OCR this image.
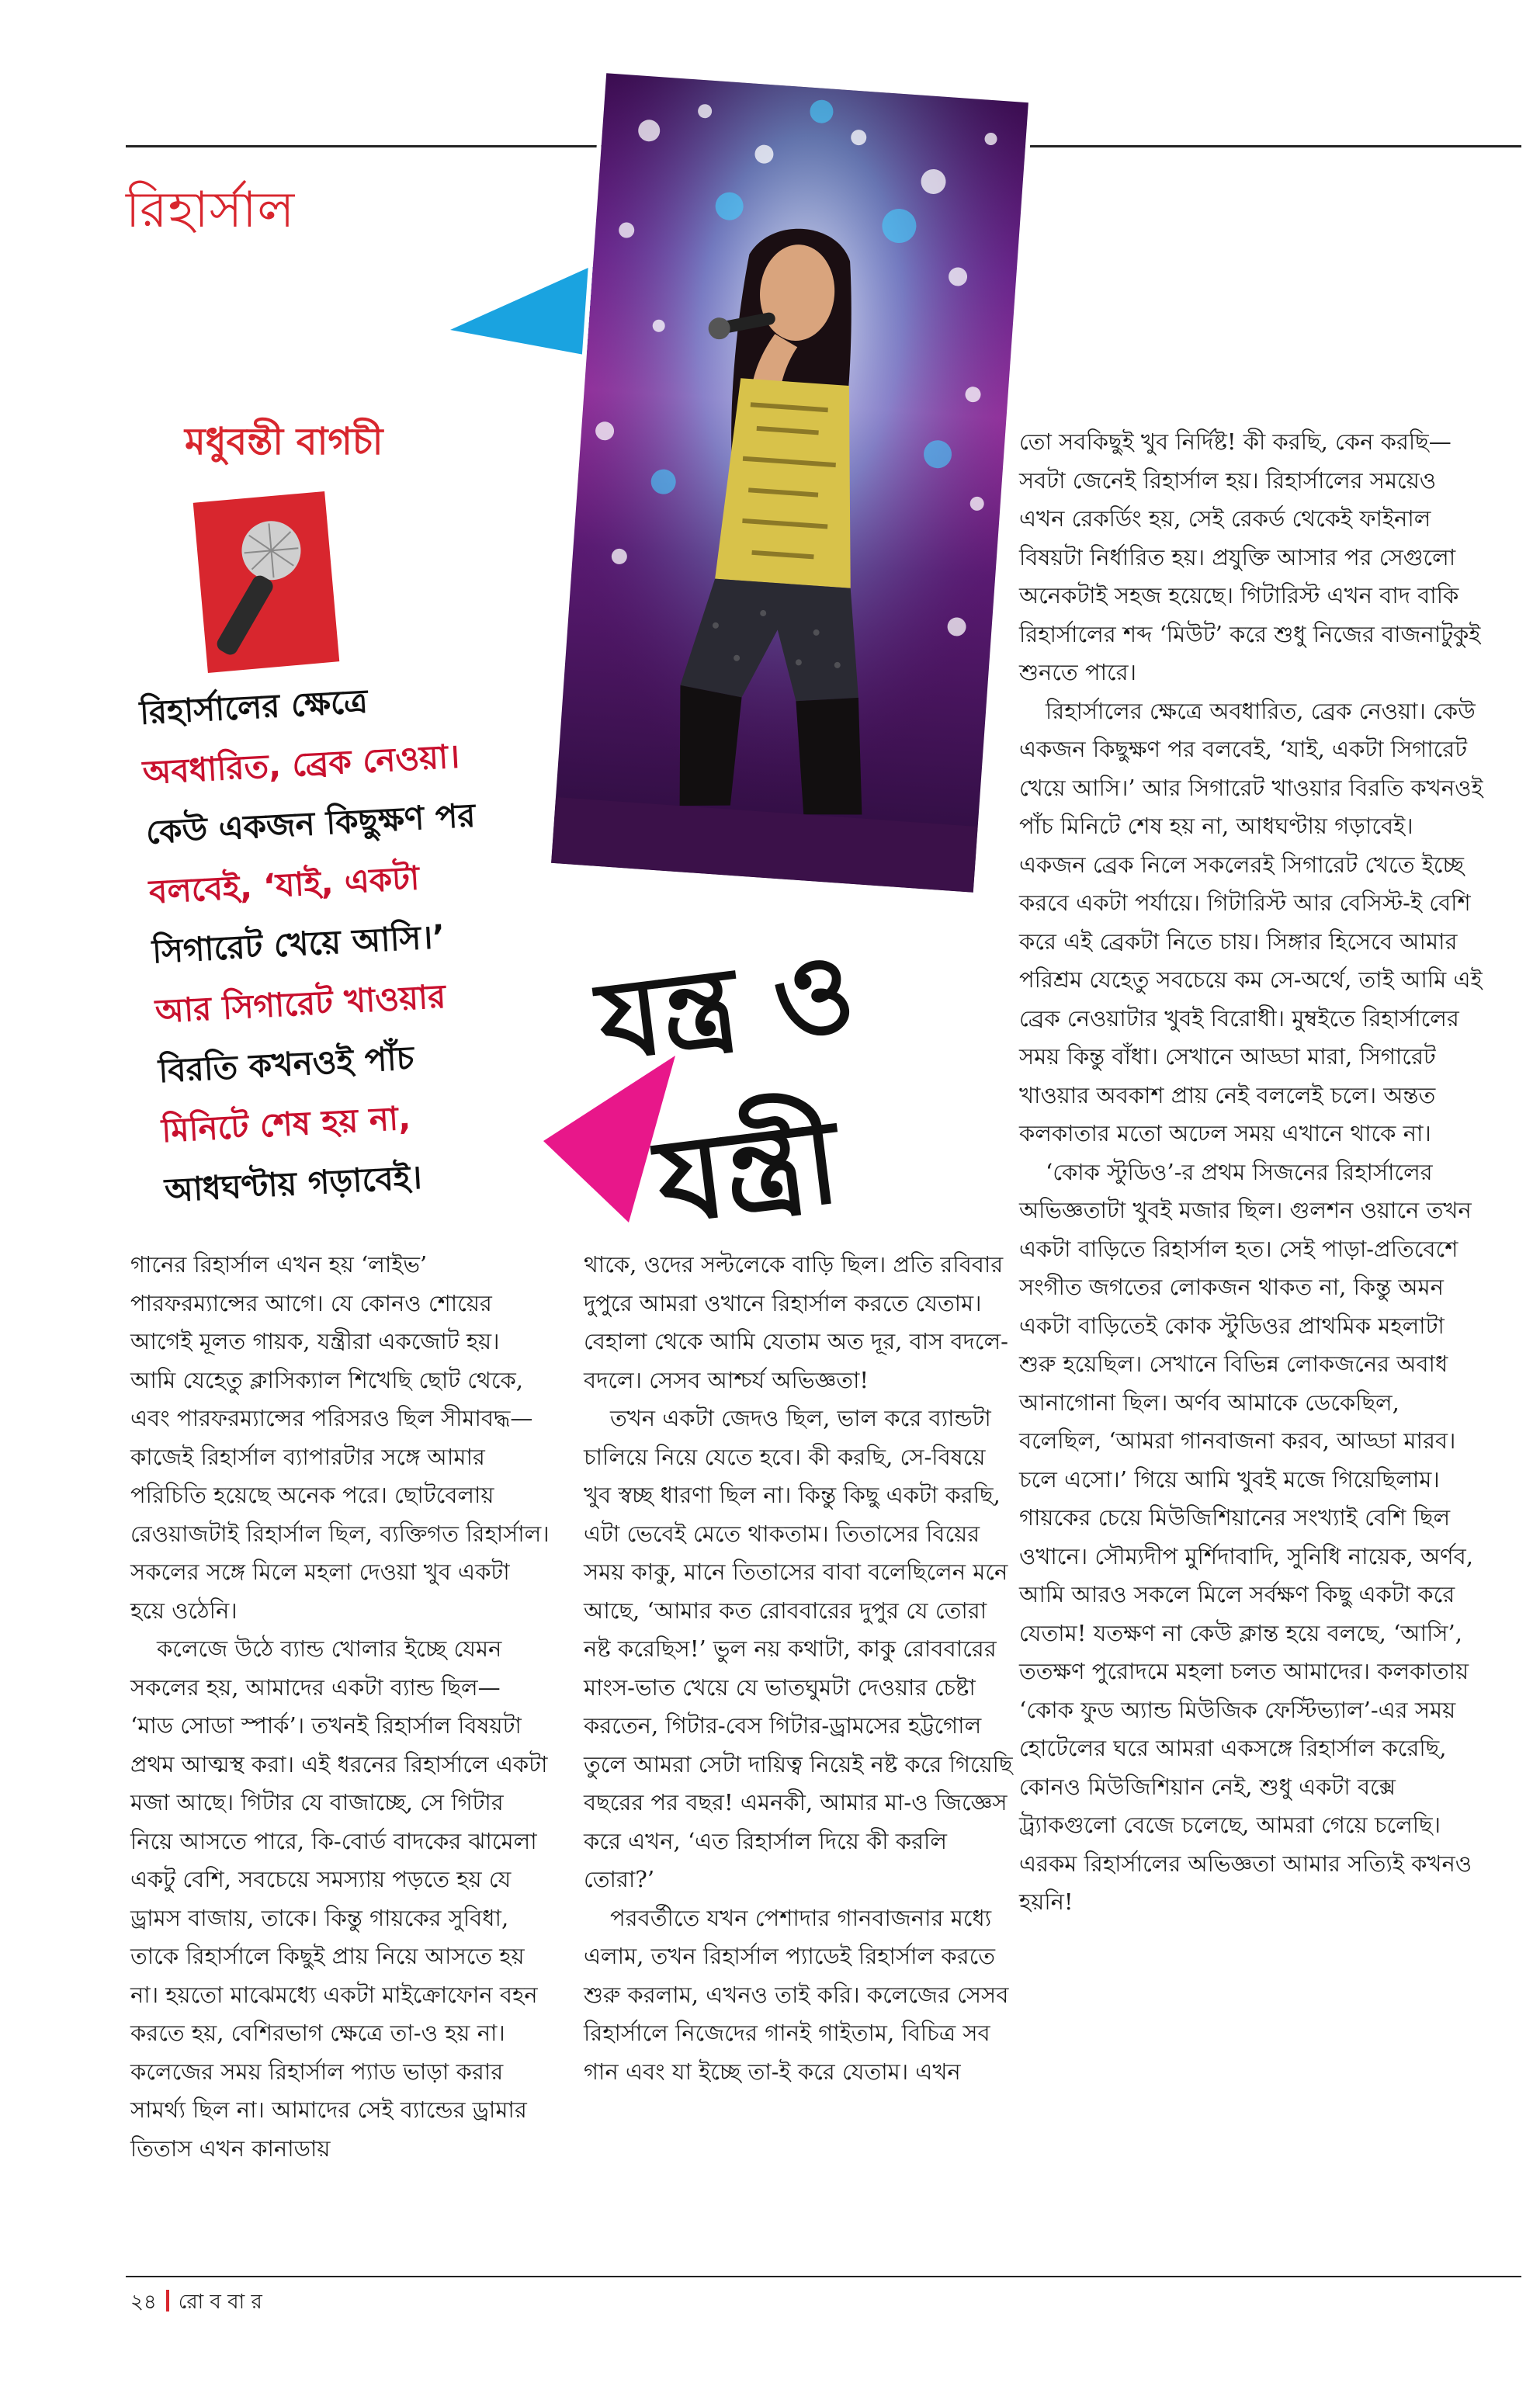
রিহার্সাল
মধুবন্তী বাগচী
রিহার্সালের ক্ষেত্রে
অবধারিত, ব্রেক নেওয়া।
কেউ একজন কিছুক্ষণ পর
বলবেই, ‘যাই, একটা
সিগারেট খেয়ে আসি।’
আর সিগারেট খাওয়ার
বিরতি কখনওই পাঁচ
মিনিটে শেষ হয় না,
আধঘণ্টায় গড়াবেই।
যন্ত্র ও
যন্ত্রী

তো সবকিছুই খুব নির্দিষ্ট! কী করছি, কেন করছি— সবটা জেনেই রিহার্সাল হয়। রিহার্সালের সময়েও এখন রেকর্ডিং হয়, সেই রেকর্ড থেকেই ফাইনাল বিষয়টা নির্ধারিত হয়। প্রযুক্তি আসার পর সেগুলো অনেকটাই সহজ হয়েছে। গিটারিস্ট এখন বাদ বাকি রিহার্সালের শব্দ ‘মিউট’ করে শুধু নিজের বাজনাটুকুই শুনতে পারে।

রিহার্সালের ক্ষেত্রে অবধারিত, ব্রেক নেওয়া। কেউ একজন কিছুক্ষণ পর বলবেই, ‘যাই, একটা সিগারেট খেয়ে আসি।’ আর সিগারেট খাওয়ার বিরতি কখনওই পাঁচ মিনিটে শেষ হয় না, আধঘণ্টায় গড়াবেই। একজন ব্রেক নিলে সকলেরই সিগারেট খেতে ইচ্ছে করবে একটা পর্যায়ে। গিটারিস্ট আর বেসিস্ট-ই বেশি করে এই ব্রেকটা নিতে চায়। সিঙ্গার হিসেবে আমার পরিশ্রম যেহেতু সবচেয়ে কম সে-অর্থে, তাই আমি এই ব্রেক নেওয়াটার খুবই বিরোধী। মুম্বইতে রিহার্সালের সময় কিন্তু বাঁধা। সেখানে আড্ডা মারা, সিগারেট খাওয়ার অবকাশ প্রায় নেই বললেই চলে। অন্তত কলকাতার মতো অঢেল সময় এখানে থাকে না।

‘কোক স্টুডিও’-র প্রথম সিজনের রিহার্সালের অভিজ্ঞতাটা খুবই মজার ছিল। গুলশন ওয়ানে তখন একটা বাড়িতে রিহার্সাল হত। সেই পাড়া-প্রতিবেশে সংগীত জগতের লোকজন থাকত না, কিন্তু অমন একটা বাড়িতেই কোক স্টুডিওর প্রাথমিক মহলাটা শুরু হয়েছিল। সেখানে বিভিন্ন লোকজনের অবাধ আনাগোনা ছিল। অর্ণব আমাকে ডেকেছিল, বলেছিল, ‘আমরা গানবাজনা করব, আড্ডা মারব। চলে এসো।’ গিয়ে আমি খুবই মজে গিয়েছিলাম। গায়কের চেয়ে মিউজিশিয়ানের সংখ্যাই বেশি ছিল ওখানে। সৌম্যদীপ মুর্শিদাবাদি, সুনিধি নায়েক, অর্ণব, আমি আরও সকলে মিলে সর্বক্ষণ কিছু একটা করে যেতাম! যতক্ষণ না কেউ ক্লান্ত হয়ে বলছে, ‘আসি’, ততক্ষণ পুরোদমে মহলা চলত আমাদের। কলকাতায় ‘কোক ফুড অ্যান্ড মিউজিক ফেস্টিভ্যাল’-এর সময় হোটেলের ঘরে আমরা একসঙ্গে রিহার্সাল করেছি, কোনও মিউজিশিয়ান নেই, শুধু একটা বক্সে ট্র্যাকগুলো বেজে চলেছে, আমরা গেয়ে চলেছি। এরকম রিহার্সালের অভিজ্ঞতা আমার সত্যিই কখনও হয়নি!

গানের রিহার্সাল এখন হয় ‘লাইভ’ পারফরম্যান্সের আগে। যে কোনও শোয়ের আগেই মূলত গায়ক, যন্ত্রীরা একজোট হয়। আমি যেহেতু ক্লাসিক্যাল শিখেছি ছোট থেকে, এবং পারফরম্যান্সের পরিসরও ছিল সীমাবদ্ধ— কাজেই রিহার্সাল ব্যাপারটার সঙ্গে আমার পরিচিতি হয়েছে অনেক পরে। ছোটবেলায় রেওয়াজটাই রিহার্সাল ছিল, ব্যক্তিগত রিহার্সাল। সকলের সঙ্গে মিলে মহলা দেওয়া খুব একটা হয়ে ওঠেনি।

কলেজে উঠে ব্যান্ড খোলার ইচ্ছে যেমন সকলের হয়, আমাদের একটা ব্যান্ড ছিল— ‘মাড সোডা স্পার্ক’। তখনই রিহার্সাল বিষয়টা প্রথম আত্মস্থ করা। এই ধরনের রিহার্সালে একটা মজা আছে। গিটার যে বাজাচ্ছে, সে গিটার নিয়ে আসতে পারে, কি-বোর্ড বাদকের ঝামেলা একটু বেশি, সবচেয়ে সমস্যায় পড়তে হয় যে ড্রামস বাজায়, তাকে। কিন্তু গায়কের সুবিধা, তাকে রিহার্সালে কিছুই প্রায় নিয়ে আসতে হয় না। হয়তো মাঝেমধ্যে একটা মাইক্রোফোন বহন করতে হয়, বেশিরভাগ ক্ষেত্রে তা-ও হয় না। কলেজের সময় রিহার্সাল প্যাড ভাড়া করার সামর্থ্য ছিল না। আমাদের সেই ব্যান্ডের ড্রামার তিতাস এখন কানাডায়

থাকে, ওদের সল্টলেকে বাড়ি ছিল। প্রতি রবিবার দুপুরে আমরা ওখানে রিহার্সাল করতে যেতাম। বেহালা থেকে আমি যেতাম অত দূর, বাস বদলে-বদলে। সেসব আশ্চর্য অভিজ্ঞতা!

তখন একটা জেদও ছিল, ভাল করে ব্যান্ডটা চালিয়ে নিয়ে যেতে হবে। কী করছি, সে-বিষয়ে খুব স্বচ্ছ ধারণা ছিল না। কিন্তু কিছু একটা করছি, এটা ভেবেই মেতে থাকতাম। তিতাসের বিয়ের সময় কাকু, মানে তিতাসের বাবা বলেছিলেন মনে আছে, ‘আমার কত রোববারের দুপুর যে তোরা নষ্ট করেছিস!’ ভুল নয় কথাটা, কাকু রোববারের মাংস-ভাত খেয়ে যে ভাতঘুমটা দেওয়ার চেষ্টা করতেন, গিটার-বেস গিটার-ড্রামসের হট্টগোল তুলে আমরা সেটা দায়িত্ব নিয়েই নষ্ট করে গিয়েছি বছরের পর বছর! এমনকী, আমার মা-ও জিজ্ঞেস করে এখন, ‘এত রিহার্সাল দিয়ে কী করলি তোরা?’

পরবর্তীতে যখন পেশাদার গানবাজনার মধ্যে এলাম, তখন রিহার্সাল প্যাডেই রিহার্সাল করতে শুরু করলাম, এখনও তাই করি। কলেজের সেসব রিহার্সালে নিজেদের গানই গাইতাম, বিচিত্র সব গান এবং যা ইচ্ছে তা-ই করে যেতাম। এখন

২৪ রো ব বা র
